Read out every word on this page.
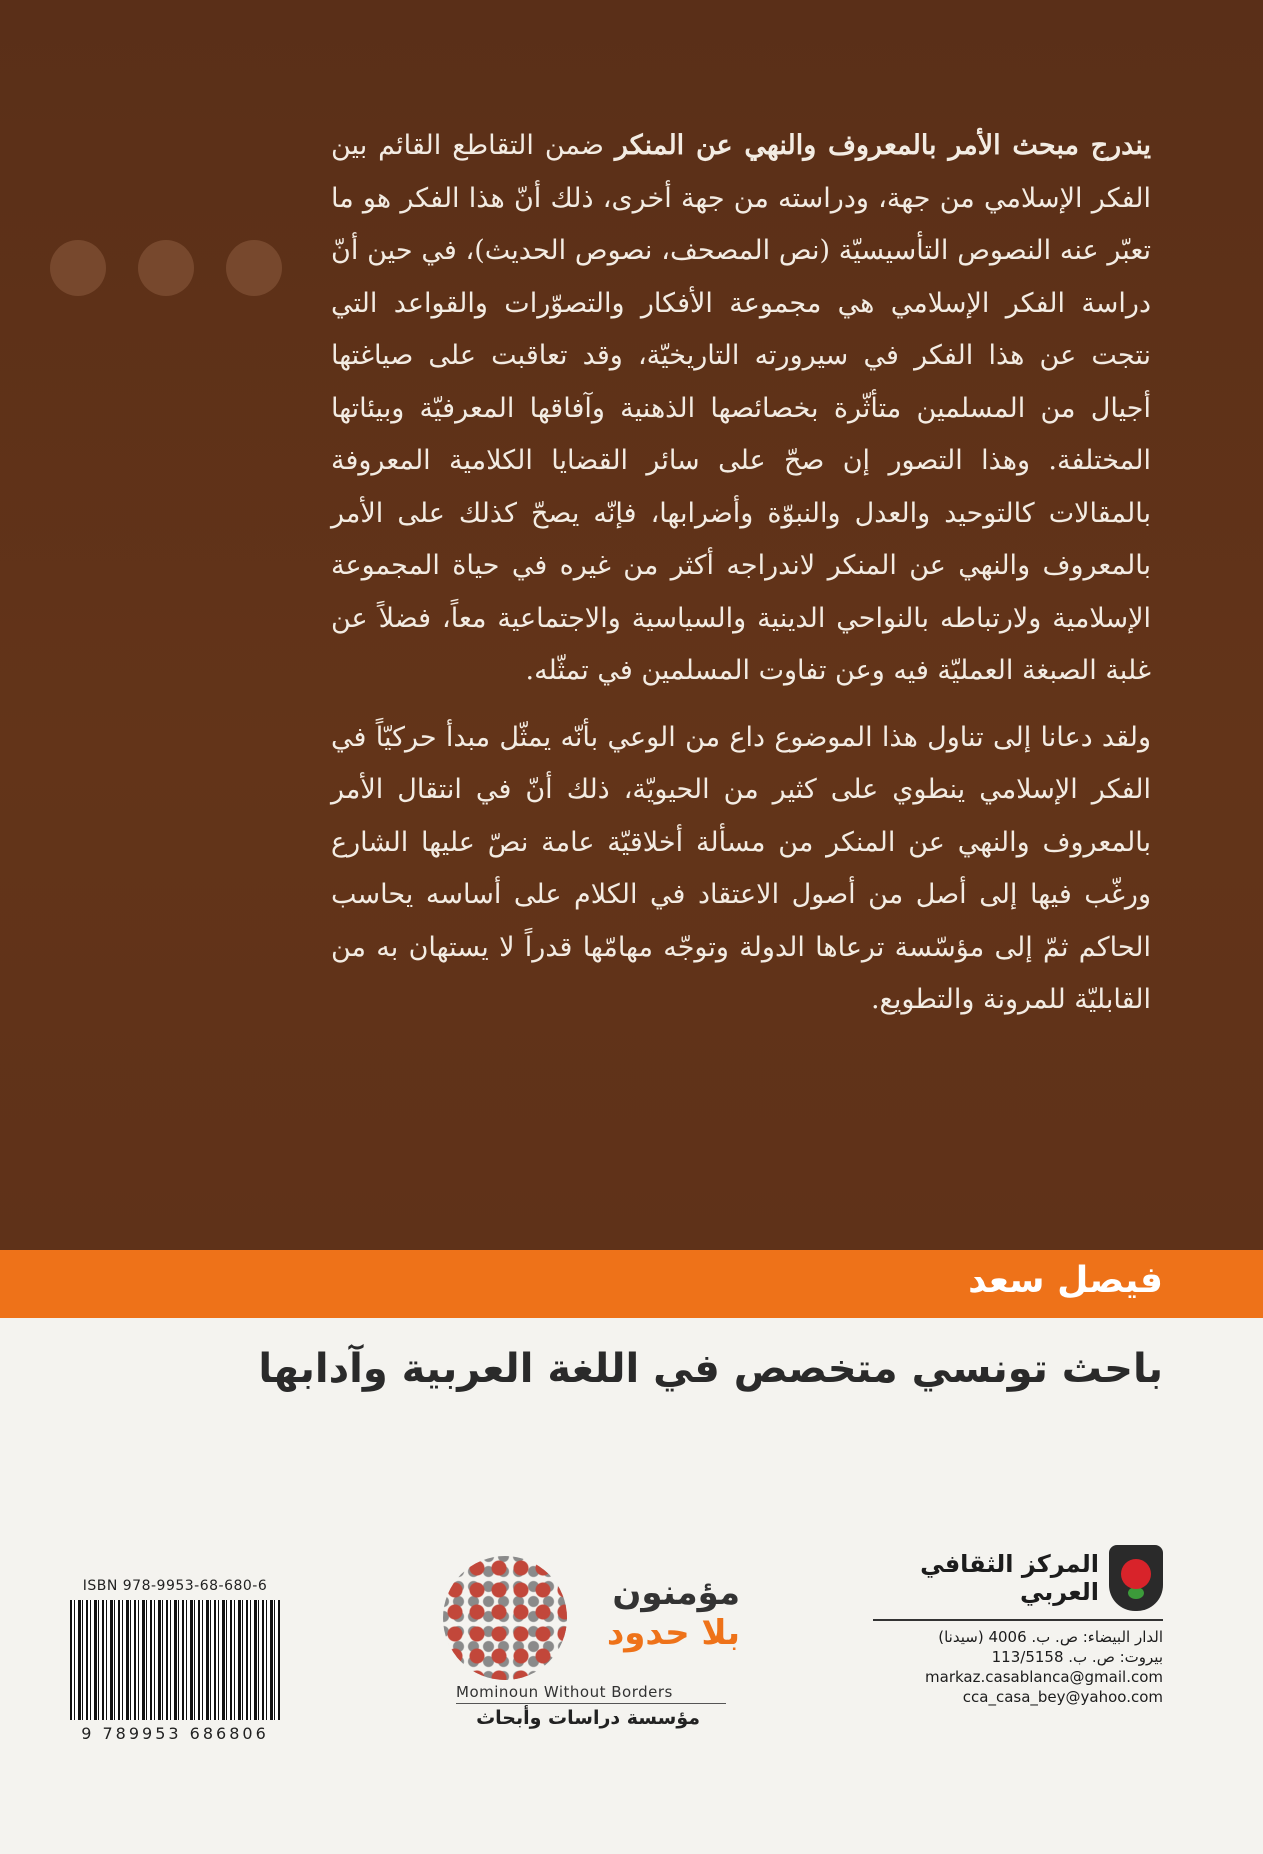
يندرج مبحث الأمر بالمعروف والنهي عن المنكر ضمن التقاطع القائم بين الفكر الإسلامي من جهة، ودراسته من جهة أخرى، ذلك أنّ هذا الفكر هو ما تعبّر عنه النصوص التأسيسيّة (نص المصحف، نصوص الحديث)، في حين أنّ دراسة الفكر الإسلامي هي مجموعة الأفكار والتصوّرات والقواعد التي نتجت عن هذا الفكر في سيرورته التاريخيّة، وقد تعاقبت على صياغتها أجيال من المسلمين متأثّرة بخصائصها الذهنية وآفاقها المعرفيّة وبيئاتها المختلفة. وهذا التصور إن صحّ على سائر القضايا الكلامية المعروفة بالمقالات كالتوحيد والعدل والنبوّة وأضرابها، فإنّه يصحّ كذلك على الأمر بالمعروف والنهي عن المنكر لاندراجه أكثر من غيره في حياة المجموعة الإسلامية ولارتباطه بالنواحي الدينية والسياسية والاجتماعية معاً، فضلاً عن غلبة الصبغة العمليّة فيه وعن تفاوت المسلمين في تمثّله.

ولقد دعانا إلى تناول هذا الموضوع داع من الوعي بأنّه يمثّل مبدأ حركيّاً في الفكر الإسلامي ينطوي على كثير من الحيويّة، ذلك أنّ في انتقال الأمر بالمعروف والنهي عن المنكر من مسألة أخلاقيّة عامة نصّ عليها الشارع ورغّب فيها إلى أصل من أصول الاعتقاد في الكلام على أساسه يحاسب الحاكم ثمّ إلى مؤسّسة ترعاها الدولة وتوجّه مهامّها قدراً لا يستهان به من القابليّة للمرونة والتطويع.

فيصل سعد
باحث تونسي متخصص في اللغة العربية وآدابها
المركز الثقافي العربي
الدار البيضاء: ص. ب. 4006 (سيدنا)
بيروت: ص. ب. 113/5158
markaz.casablanca@gmail.com
cca_casa_bey@yahoo.com
مؤمنون
بلا حدود
Mominoun Without Borders
مؤسسة دراسات وأبحاث
ISBN 978-9953-68-680-6
9 789953 686806
